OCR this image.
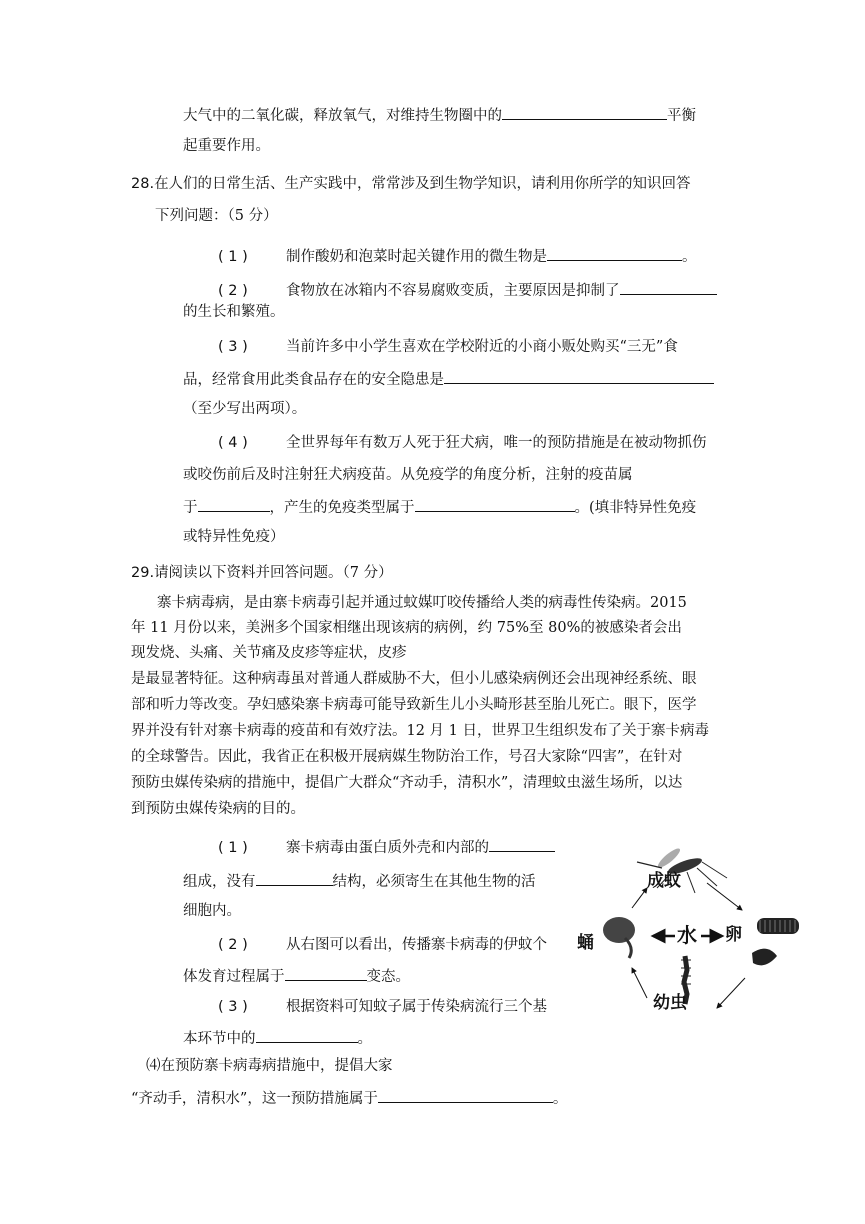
大气中的二氧化碳，释放氧气，对维持生物圈中的	平衡
起重要作用。
28.在人们的日常生活、生产实践中，常常涉及到生物学知识，请利用你所学的知识回答
下列问题：（5 分）
( 1 )	制作酸奶和泡菜时起关键作用的微生物是	。
( 2 )	食物放在冰箱内不容易腐败变质，主要原因是抑制了
的生长和繁殖。
( 3 )	当前许多中小学生喜欢在学校附近的小商小贩处购买“三无”食
品，经常食用此类食品存在的安全隐患是
（至少写出两项）。
( 4 )	全世界每年有数万人死于狂犬病，唯一的预防措施是在被动物抓伤
或咬伤前后及时注射狂犬病疫苗。从免疫学的角度分析，注射的疫苗属
于	，产生的免疫类型属于	。(填非特异性免疫
或特异性免疫）
29.请阅读以下资料并回答问题。（7 分）
寨卡病毒病，是由寨卡病毒引起并通过蚊媒叮咬传播给人类的病毒性传染病。2015
年 11 月份以来，美洲多个国家相继出现该病的病例，约 75%至 80%的被感染者会出
现发烧、头痛、关节痛及皮疹等症状，皮疹
是最显著特征。这种病毒虽对普通人群威胁不大，但小儿感染病例还会出现神经系统、眼
部和听力等改变。孕妇感染寨卡病毒可能导致新生儿小头畸形甚至胎儿死亡。眼下，医学
界并没有针对寨卡病毒的疫苗和有效疗法。12 月 1 日，世界卫生组织发布了关于寨卡病毒
的全球警告。因此，我省正在积极开展病媒生物防治工作，号召大家除“四害”，在针对
预防虫媒传染病的措施中，提倡广大群众“齐动手，清积水”，清理蚊虫滋生场所，以达
到预防虫媒传染病的目的。
( 1 )	寨卡病毒由蛋白质外壳和内部的
组成，没有	结构，必须寄生在其他生物的活
细胞内。
( 2 )	从右图可以看出，传播寨卡病毒的伊蚊个
体发育过程属于	变态。
( 3 )	根据资料可知蚊子属于传染病流行三个基
本环节中的	。
⑷在预防寨卡病毒病措施中，提倡大家
“齐动手，清积水”，这一预防措施属于	。
成蚊
卵
蛹
幼虫
水
